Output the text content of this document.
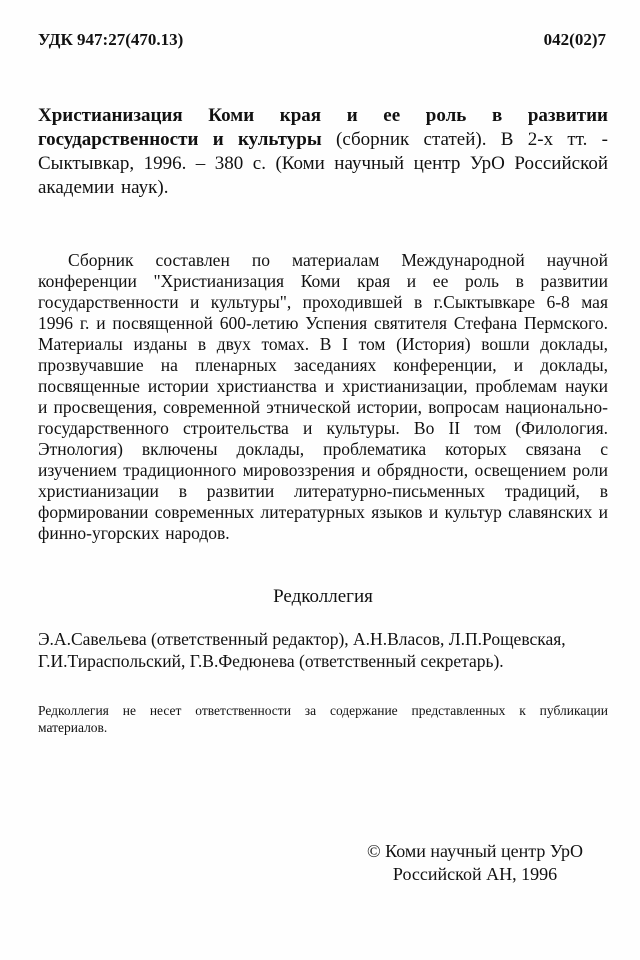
УДК 947:27(470.13)	042(02)7

Христианизация Коми края и ее роль в развитии государственности и культуры (сборник статей). В 2-х тт. - Сыктывкар, 1996. – 380 с. (Коми научный центр УрО Российской академии наук).

Сборник составлен по материалам Международной научной конференции "Христианизация Коми края и ее роль в развитии государственности и культуры", проходившей в г.Сыктывкаре 6-8 мая 1996 г. и посвященной 600-летию Успения святителя Стефана Пермского. Материалы изданы в двух томах. В I том (История) вошли доклады, прозвучавшие на пленарных заседаниях конференции, и доклады, посвященные истории христианства и христианизации, проблемам науки и просвещения, современной этнической истории, вопросам национально-государственного строительства и культуры. Во II том (Филология. Этнология) включены доклады, проблематика которых связана с изучением традиционного мировоззрения и обрядности, освещением роли христианизации в развитии литературно-письменных традиций, в формировании современных литературных языков и культур славянских и финно-угорских народов.

Редколлегия

Э.А.Савельева (ответственный редактор), А.Н.Власов, Л.П.Рощевская, Г.И.Тираспольский, Г.В.Федюнева (ответственный секретарь).

Редколлегия не несет ответственности за содержание представленных к публикации материалов.

© Коми научный центр УрО
Российской АН, 1996
